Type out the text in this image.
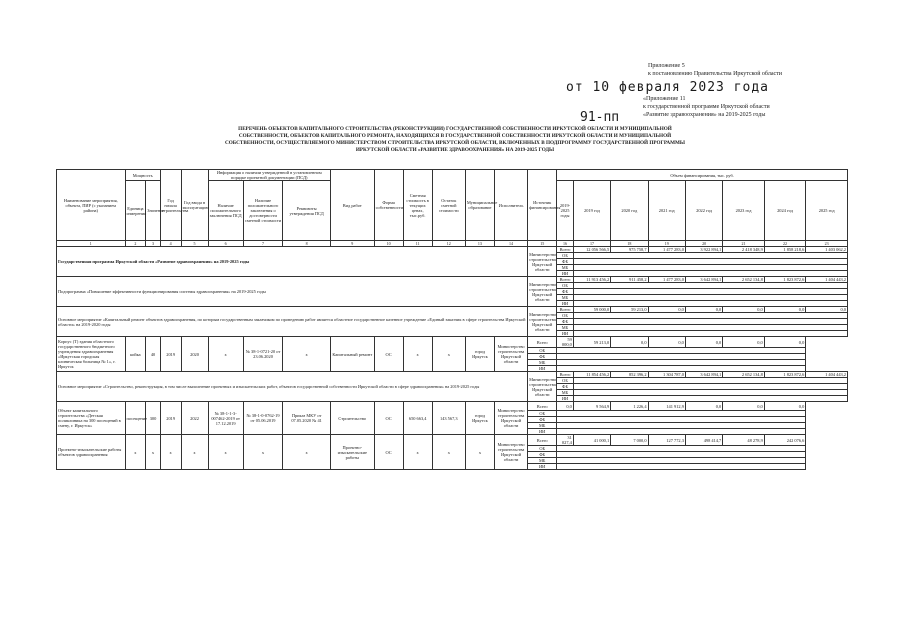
Приложение 5
к постановлению Правительства Иркутской области
от 10 февраля 2023 года
91-пп
«Приложение 11
к государственной программе Иркутской области
«Развитие здравоохранения» на 2019-2025 годы
ПЕРЕЧЕНЬ ОБЪЕКТОВ КАПИТАЛЬНОГО СТРОИТЕЛЬСТВА (РЕКОНСТРУКЦИИ) ГОСУДАРСТВЕННОЙ СОБСТВЕННОСТИ ИРКУТСКОЙ ОБЛАСТИ И МУНИЦИПАЛЬНОЙ СОБСТВЕННОСТИ, ОБЪЕКТОВ КАПИТАЛЬНОГО РЕМОНТА, НАХОДЯЩИХСЯ В ГОСУДАРСТВЕННОЙ СОБСТВЕННОСТИ ИРКУТСКОЙ ОБЛАСТИ И МУНИЦИПАЛЬНОЙ СОБСТВЕННОСТИ, ОСУЩЕСТВЛЯЕМОГО МИНИСТЕРСТВОМ СТРОИТЕЛЬСТВА ИРКУТСКОЙ ОБЛАСТИ, ВКЛЮЧЕННЫХ В ПОДПРОГРАММУ ГОСУДАРСТВЕННОЙ ПРОГРАММЫ ИРКУТСКОЙ ОБЛАСТИ «РАЗВИТИЕ ЗДРАВООХРАНЕНИЯ» НА 2019-2025 ГОДЫ
Наименование мероприятия, объекта, ПИР (с указанием района)	Мощность		Год начала строительства	Год ввода в эксплуатацию	Информация о наличии утвержденной в установленном порядке проектной документации (ПСД)			Вид работ	Форма собственности	Сметная стоимость в текущих ценах, тыс.руб.	Остаток сметной стоимости	Муниципальное образование	Исполнитель	Источник финансирования	Объем финансирования, тыс. руб.							
	Единица измерения	Значение			Наличие положительного заключения ПСД	Наличие положительного заключения о достоверности сметной стоимости	Реквизиты утверждения ПСД								2019-2025 годы	2019 год	2020 год	2021 год	2022 год	2023 год	2024 год	2025 год
1	2	3	4	5	6	7	8	9	10	11	12	13	14	15	16	17	18	19	20	21	22	23
Государственная программа Иркутской области «Развитие здравоохранения» на 2019-2025 годы														Министерство строительства Иркутской области	Всего	12 056 566,5	975 758,7	1 477 283,0	3 922 894,1	2 418 348,9	1 858 218,6	1 403 062,2
															ОБ							
															ФБ							
															МБ							
															ИИ							
Подпрограмма «Повышение эффективности функционирования системы здравоохранения» на 2019-2025 годы														Министерство строительства Иркутской области	Всего	11 913 456,2	911 458,2	1 477 283,0	3 642 894,1	2 652 134,8	1 823 872,6	1 404 443,2
															ОБ							
															ФБ							
															МБ							
															ИИ							
Основное мероприятие «Капитальный ремонт объектов здравоохранения, по которым государственным заказчиком по проведению работ является областное государственное казенное учреждение «Единый заказчик в сфере строительства Иркутской области» на 2019-2020 годы														Министерство строительства Иркутской области	Всего	59 000,0	59 213,0	0,0	0,0	0,0	0,0	0,0
															ОБ							
															ФБ							
															МБ							
															ИИ							
Корпус (Т) здания областного государственного бюджетного учреждения здравоохранения «Иркутская городская клиническая больница № 1», г. Иркутск	койка	40	2019	2020	х	№ 38-1-0721-20 от 23.06.2020	х	Капитальный ремонт	ОС	х	х	город Иркутск	Министерство строительства Иркутской области	Всего	59 000,0	59 213,0	0,0	0,0	0,0	0,0	0,0	
														ОБ								
														ФБ								
														МБ								
														ИИ								
Основное мероприятие «Строительство, реконструкция, в том числе выполнение проектных и изыскательских работ, объектов государственной собственности Иркутской области в сфере здравоохранения» на 2019-2025 годы														Министерство строительства Иркутской области	Всего	11 854 456,2	852 396,2	1 304 787,0	3 642 894,1	2 652 134,8	1 823 872,6	1 404 443,2
															ОБ							
															ФБ							
															МБ							
															ИИ							
Объект капитального строительства «Детская поликлиника на 300 посещений в смену, г. Иркутск»	посещение	300	2019	2022	№ 38-1-1-3-007462-2019 от 17.12.2019	№ 38-1-0-0762-19 от 05.06.2019	Приказ МКУ от 07.05.2020 № 41	Строительство	ОС	650 663,4	143 567,3	город Иркутск	Министерство строительства Иркутской области	Всего	0,0	9 564,9	1 226,4	141 912,9	0,0	0,0	0,0	
														ОБ								
														ФБ								
														МБ								
														ИИ								
Проектно-изыскательские работы объектов здравоохранения	х	х	х	х	х	х	х	Проектно-изыскательские работы	ОС	х	х	х	Министерство строительства Иркутской области	Всего	31 027,4	41 000,1	7 000,0	127 772,3	498 414,7	48 278,9	242 076,6	
														ОБ								
														ФБ								
														МБ								
														ИИ								
